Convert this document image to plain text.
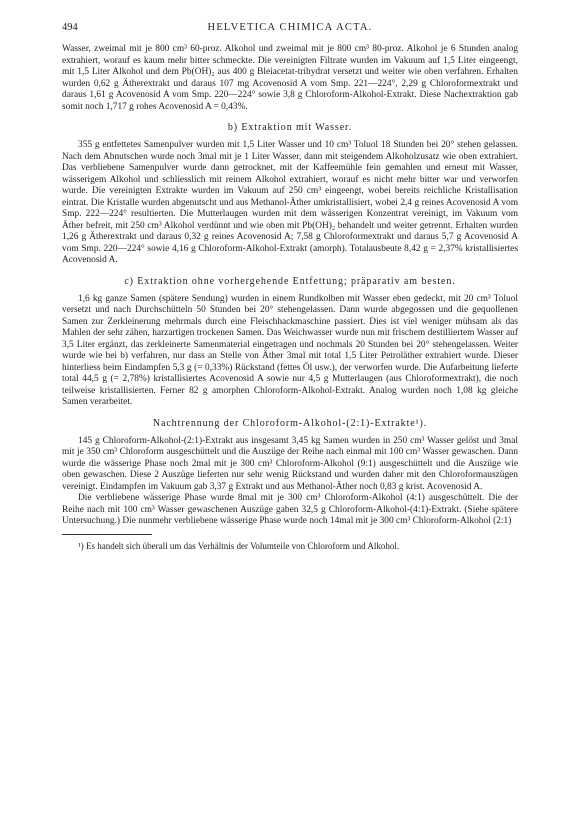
494	HELVETICA CHIMICA ACTA.

Wasser, zweimal mit je 800 cm³ 60-proz. Alkohol und zweimal mit je 800 cm³ 80-proz. Alkohol je 6 Stunden analog extrahiert, worauf es kaum mehr bitter schmeckte. Die vereinigten Filtrate wurden im Vakuum auf 1,5 Liter eingeengt, mit 1,5 Liter Alkohol und dem Pb(OH)₂ aus 400 g Bleiacetat-trihydrat versetzt und weiter wie oben verfahren. Erhalten wurden 0,62 g Ätherextrakt und daraus 107 mg Acovenosid A vom Smp. 221—224°, 2,29 g Chloroformextrakt und daraus 1,61 g Acovenosid A vom Smp. 220—224° sowie 3,8 g Chloroform-Alkohol-Extrakt. Diese Nachextraktion gab somit noch 1,717 g rohes Acovenosid A = 0,43%.

b) Extraktion mit Wasser.

355 g entfettetes Samenpulver wurden mit 1,5 Liter Wasser und 10 cm³ Toluol 18 Stunden bei 20° stehen gelassen. Nach dem Abnutschen wurde noch 3mal mit je 1 Liter Wasser, dann mit steigendem Alkoholzusatz wie oben extrahiert. Das verbliebene Samenpulver wurde dann getrocknet, mit der Kaffeemühle fein gemahlen und erneut mit Wasser, wässerigem Alkohol und schliesslich mit reinem Alkohol extrahiert, worauf es nicht mehr bitter war und verworfen wurde. Die vereinigten Extrakte wurden im Vakuum auf 250 cm³ eingeengt, wobei bereits reichliche Kristallisation eintrat. Die Kristalle wurden abgenutscht und aus Methanol-Äther umkristallisiert, wobei 2,4 g reines Acovenosid A vom Smp. 222—224° resultierten. Die Mutterlaugen wurden mit dem wässerigen Konzentrat vereinigt, im Vakuum vom Äther befreit, mit 250 cm³ Alkohol verdünnt und wie oben mit Pb(OH)₂ behandelt und weiter getrennt. Erhalten wurden 1,26 g Ätherextrakt und daraus 0,32 g reines Acovenosid A; 7,58 g Chloroformextrakt und daraus 5,7 g Acovenosid A vom Smp. 220—224° sowie 4,16 g Chloroform-Alkohol-Extrakt (amorph). Totalausbeute 8,42 g = 2,37% kristallisiertes Acovenosid A.

c) Extraktion ohne vorhergehende Entfettung; präparativ am besten.

1,6 kg ganze Samen (spätere Sendung) wurden in einem Rundkolben mit Wasser eben gedeckt, mit 20 cm³ Toluol versetzt und nach Durchschütteln 50 Stunden bei 20° stehengelassen. Dann wurde abgegossen und die gequollenen Samen zur Zerkleinerung mehrmals durch eine Fleischhackmaschine passiert. Dies ist viel weniger mühsam als das Mahlen der sehr zähen, harzartigen trockenen Samen. Das Weichwasser wurde nun mit frischem destilliertem Wasser auf 3,5 Liter ergänzt, das zerkleinerte Samenmaterial eingetragen und nochmals 20 Stunden bei 20° stehengelassen. Weiter wurde wie bei b) verfahren, nur dass an Stelle von Äther 3mal mit total 1,5 Liter Petroläther extrahiert wurde. Dieser hinterliess beim Eindampfen 5,3 g (= 0,33%) Rückstand (fettes Öl usw.), der verworfen wurde. Die Aufarbeitung lieferte total 44,5 g (= 2,78%) kristallisiertes Acovenosid A sowie nur 4,5 g Mutterlaugen (aus Chloroformextrakt), die noch teilweise kristallisierten. Ferner 82 g amorphen Chloroform-Alkohol-Extrakt. Analog wurden noch 1,08 kg gleiche Samen verarbeitet.

Nachtrennung der Chloroform-Alkohol-(2:1)-Extrakte¹).

145 g Chloroform-Alkohol-(2:1)-Extrakt aus insgesamt 3,45 kg Samen wurden in 250 cm³ Wasser gelöst und 3mal mit je 350 cm³ Chloroform ausgeschüttelt und die Auszüge der Reihe nach einmal mit 100 cm³ Wasser gewaschen. Dann wurde die wässerige Phase noch 2mal mit je 300 cm³ Chloroform-Alkohol (9:1) ausgeschüttelt und die Auszüge wie oben gewaschen. Diese 2 Auszüge lieferten nur sehr wenig Rückstand und wurden daher mit den Chloroformauszügen vereinigt. Eindampfen im Vakuum gab 3,37 g Extrakt und aus Methanol-Äther noch 0,83 g krist. Acovenosid A.

Die verbliebene wässerige Phase wurde 8mal mit je 300 cm³ Chloroform-Alkohol (4:1) ausgeschüttelt. Die der Reihe nach mit 100 cm³ Wasser gewaschenen Auszüge gaben 32,5 g Chloroform-Alkohol-(4:1)-Extrakt. (Siehe spätere Untersuchung.) Die nunmehr verbliebene wässerige Phase wurde noch 14mal mit je 300 cm³ Chloroform-Alkohol (2:1)

¹) Es handelt sich überall um das Verhältnis der Volumteile von Chloroform und Alkohol.
